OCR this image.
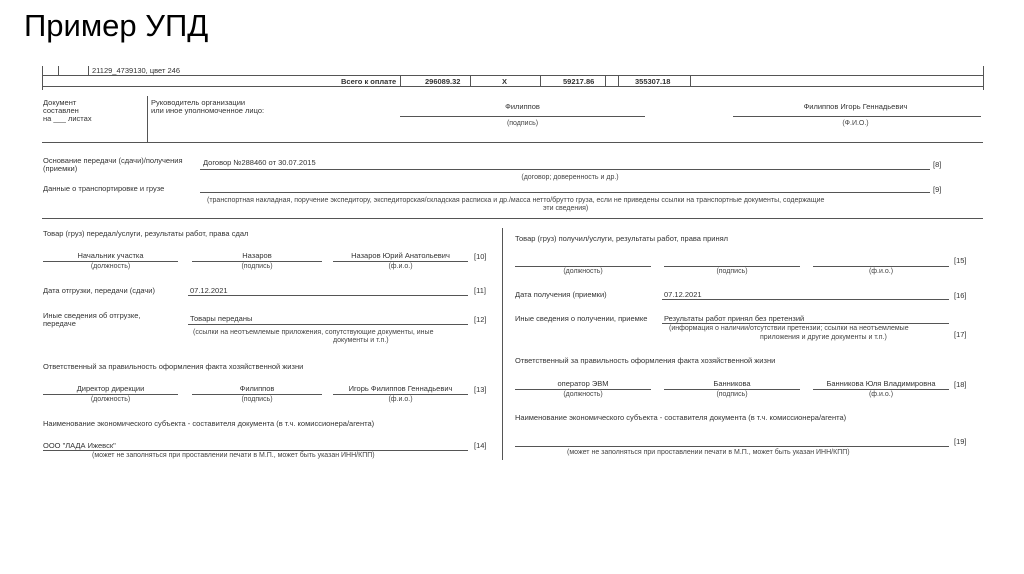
Пример УПД
21129_4739130, цвет 246
Всего к оплате	296089.32	X	59217.86	355307.18
Документ
составлен
на ___ листах
Руководитель организации
или иное уполномоченное лицо:	Филиппов
(подпись)
Филиппов Игорь Геннадьевич
(Ф.И.О.)
Основание передачи (сдачи)/получения
(приемки)
Договор №288460 от 30.07.2015	[8]
(договор; доверенность и др.)
Данные о транспортировке и грузе	[9]
(транспортная накладная, поручение экспедитору, экспедиторская/складская расписка и др./масса нетто/брутто груза, если не приведены ссылки на транспортные документы, содержащие
эти сведения)
Товар (груз) передал/услуги, результаты работ, права сдал
Начальник участка	Назаров	Назаров Юрий Анатольевич	[10]
(должность)	(подпись)	(ф.и.о.)
Дата отгрузки, передачи (сдачи)	07.12.2021	[11]
Иные сведения об отгрузке,
передаче
Товары переданы	[12]
(ссылки на неотъемлемые приложения, сопутствующие документы, иные
документы и т.п.)
Ответственный за правильность оформления факта хозяйственной жизни
Директор дирекции	Филиппов	Игорь Филиппов Геннадьевич	[13]
(должность)	(подпись)	(ф.и.о.)
Наименование экономического субъекта - составителя документа (в т.ч. комиссионера/агента)
ООО "ЛАДА Ижевск"	[14]
(может не заполняться при проставлении печати в М.П., может быть указан ИНН/КПП)
Товар (груз) получил/услуги, результаты работ, права принял
[15]
(должность)	(подпись)	(ф.и.о.)
Дата получения (приемки)	07.12.2021	[16]
Иные сведения о получении, приемке Результаты работ принял без претензий
(информация о наличии/отсутствии претензии; ссылки на неотъемлемые
приложения и другие документы и т.п.)	[17]
Ответственный за правильность оформления факта хозяйственной жизни
оператор ЭВМ	Банникова	Банникова Юля Владимировна	[18]
(должность)	(подпись)	(ф.и.о.)
Наименование экономического субъекта - составителя документа (в т.ч. комиссионера/агента)
[19]
(может не заполняться при проставлении печати в М.П., может быть указан ИНН/КПП)
